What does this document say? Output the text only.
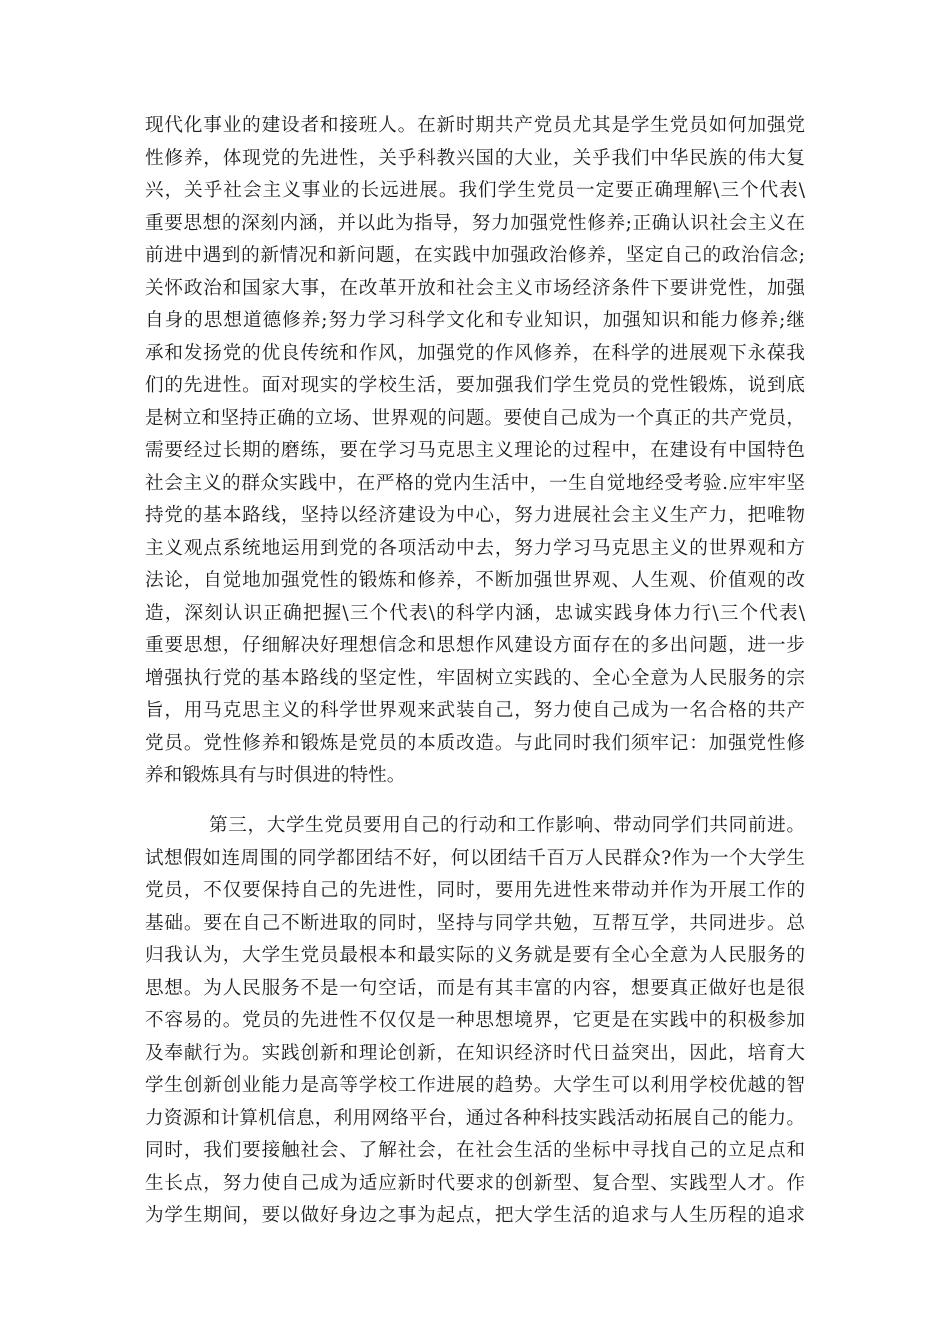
现代化事业的建设者和接班人。在新时期共产党员尤其是学生党员如何加强党
性修养，体现党的先进性，关乎科教兴国的大业，关乎我们中华民族的伟大复
兴，关乎社会主义事业的长远进展。我们学生党员一定要正确理解\三个代表\
重要思想的深刻内涵，并以此为指导，努力加强党性修养;正确认识社会主义在
前进中遇到的新情况和新问题，在实践中加强政治修养，坚定自己的政治信念;
关怀政治和国家大事，在改革开放和社会主义市场经济条件下要讲党性，加强
自身的思想道德修养;努力学习科学文化和专业知识，加强知识和能力修养;继
承和发扬党的优良传统和作风，加强党的作风修养，在科学的进展观下永葆我
们的先进性。面对现实的学校生活，要加强我们学生党员的党性锻炼，说到底
是树立和坚持正确的立场、世界观的问题。要使自己成为一个真正的共产党员，
需要经过长期的磨练，要在学习马克思主义理论的过程中，在建设有中国特色
社会主义的群众实践中，在严格的党内生活中，一生自觉地经受考验.应牢牢坚
持党的基本路线，坚持以经济建设为中心，努力进展社会主义生产力，把唯物
主义观点系统地运用到党的各项活动中去，努力学习马克思主义的世界观和方
法论，自觉地加强党性的锻炼和修养，不断加强世界观、人生观、价值观的改
造，深刻认识正确把握\三个代表\的科学内涵，忠诚实践身体力行\三个代表\
重要思想，仔细解决好理想信念和思想作风建设方面存在的多出问题，进一步
增强执行党的基本路线的坚定性，牢固树立实践的、全心全意为人民服务的宗
旨，用马克思主义的科学世界观来武装自己，努力使自己成为一名合格的共产
党员。党性修养和锻炼是党员的本质改造。与此同时我们须牢记：加强党性修
养和锻炼具有与时俱进的特性。
第三，大学生党员要用自己的行动和工作影响、带动同学们共同前进。
试想假如连周围的同学都团结不好，何以团结千百万人民群众?作为一个大学生
党员，不仅要保持自己的先进性，同时，要用先进性来带动并作为开展工作的
基础。要在自己不断进取的同时，坚持与同学共勉，互帮互学，共同进步。总
归我认为，大学生党员最根本和最实际的义务就是要有全心全意为人民服务的
思想。为人民服务不是一句空话，而是有其丰富的内容，想要真正做好也是很
不容易的。党员的先进性不仅仅是一种思想境界，它更是在实践中的积极参加
及奉献行为。实践创新和理论创新，在知识经济时代日益突出，因此，培育大
学生创新创业能力是高等学校工作进展的趋势。大学生可以利用学校优越的智
力资源和计算机信息，利用网络平台，通过各种科技实践活动拓展自己的能力。
同时，我们要接触社会、了解社会，在社会生活的坐标中寻找自己的立足点和
生长点，努力使自己成为适应新时代要求的创新型、复合型、实践型人才。作
为学生期间，要以做好身边之事为起点，把大学生活的追求与人生历程的追求
